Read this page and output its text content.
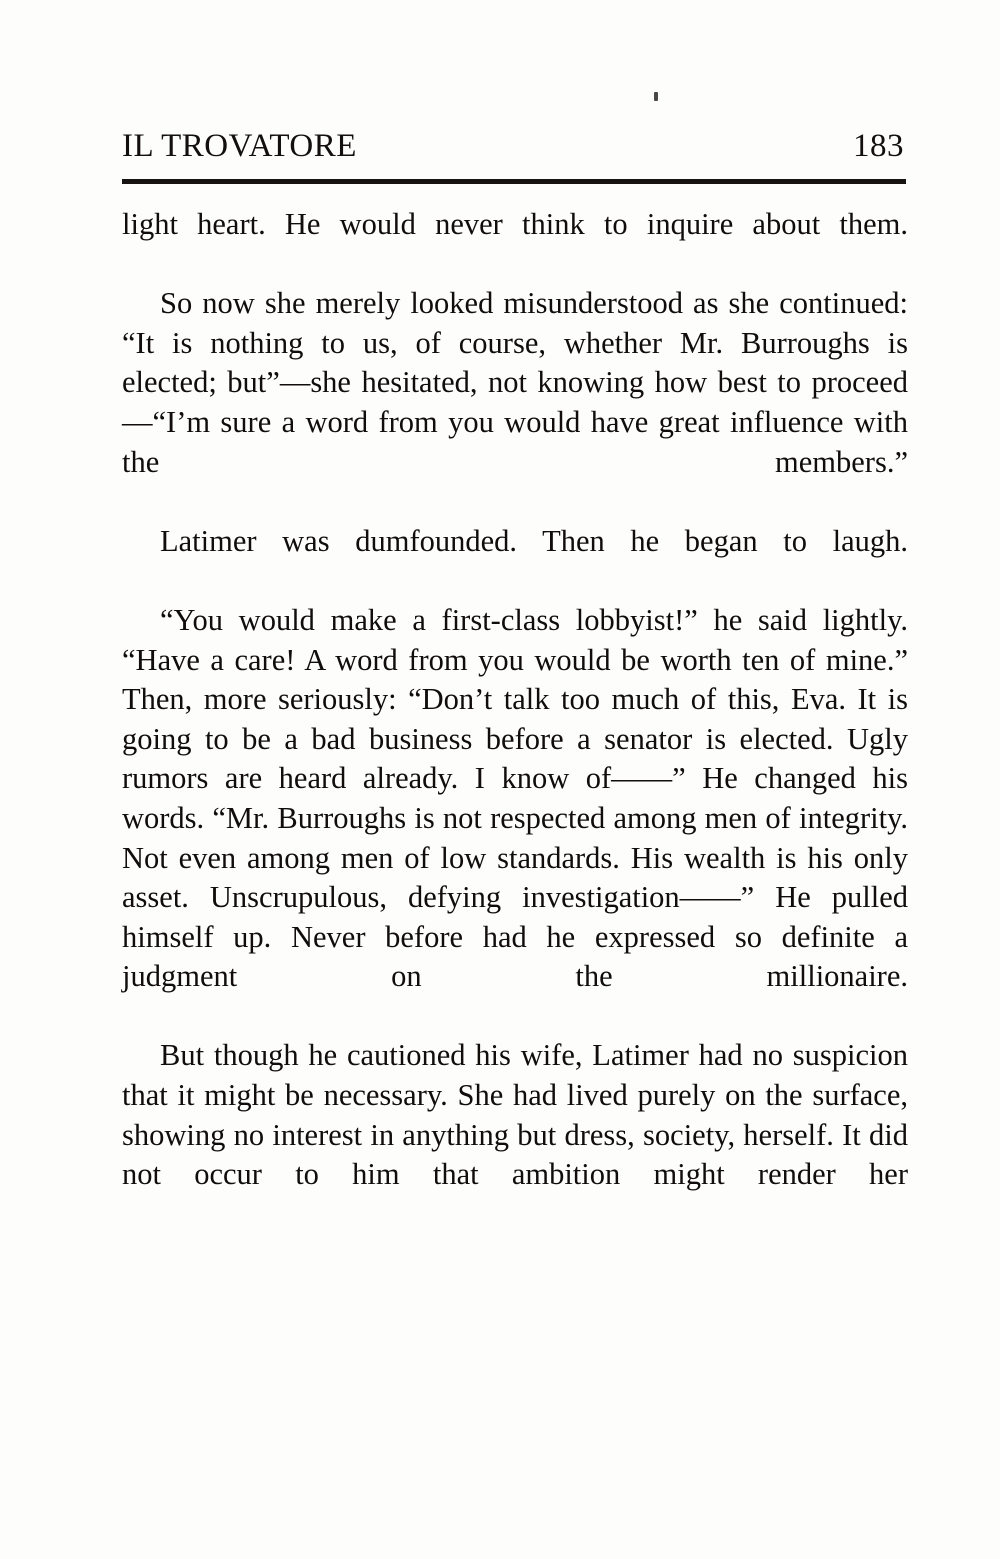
IL TROVATORE	183

light heart. He would never think to inquire about them.

So now she merely looked misunderstood as she continued: “It is nothing to us, of course, whether Mr. Burroughs is elected; but”—she hesitated, not knowing how best to proceed—“I’m sure a word from you would have great influence with the members.”

Latimer was dumfounded. Then he began to laugh.

“You would make a first-class lobbyist!” he said lightly. “Have a care! A word from you would be worth ten of mine.” Then, more seriously: “Don’t talk too much of this, Eva. It is going to be a bad business before a senator is elected. Ugly rumors are heard already. I know of——” He changed his words. “Mr. Burroughs is not respected among men of integrity. Not even among men of low standards. His wealth is his only asset. Unscrupulous, defying investigation——” He pulled himself up. Never before had he expressed so definite a judgment on the millionaire.

But though he cautioned his wife, Latimer had no suspicion that it might be necessary. She had lived purely on the surface, showing no interest in anything but dress, society, herself. It did not occur to him that ambition might render her
